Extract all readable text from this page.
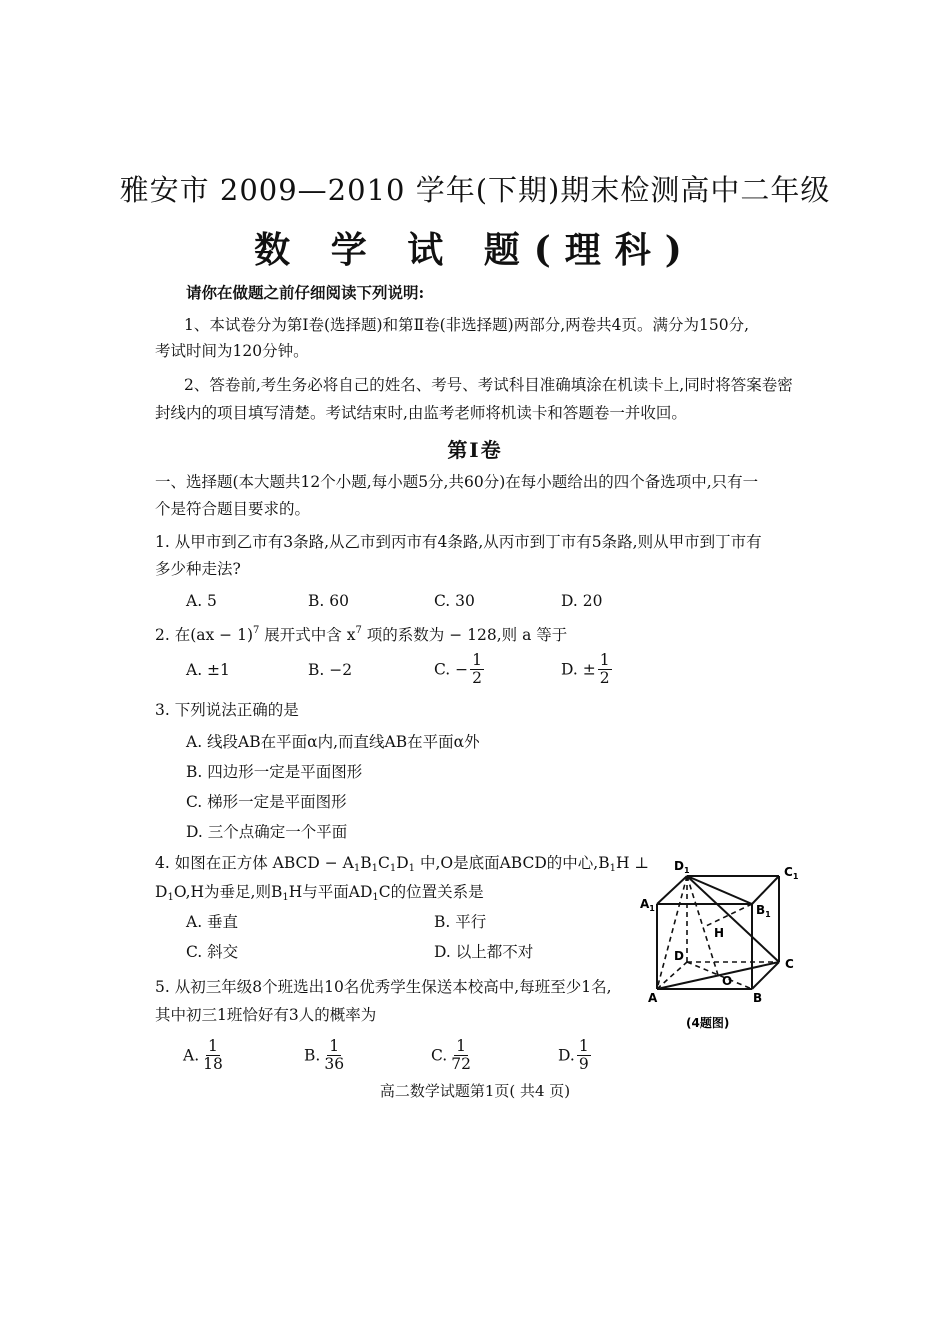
雅安市 2009—2010 学年(下期)期末检测高中二年级
数 学 试 题(理科)
请你在做题之前仔细阅读下列说明:
1、本试卷分为第Ⅰ卷(选择题)和第Ⅱ卷(非选择题)两部分,两卷共4页。满分为150分,
考试时间为120分钟。
2、答卷前,考生务必将自己的姓名、考号、考试科目准确填涂在机读卡上,同时将答案卷密
封线内的项目填写清楚。考试结束时,由监考老师将机读卡和答题卷一并收回。
第Ⅰ卷
一、选择题(本大题共12个小题,每小题5分,共60分)在每小题给出的四个备选项中,只有一
个是符合题目要求的。
1. 从甲市到乙市有3条路,从乙市到丙市有4条路,从丙市到丁市有5条路,则从甲市到丁市有
多少种走法?
A. 5	B. 60	C. 30	D. 20
2. 在(ax − 1)$^7$ 展开式中含 $x^7$ 项的系数为 − 128,则 a 等于
A. ±1	B. −2	C. − $\frac{1}{2}$	D. ± $\frac{1}{2}$
3. 下列说法正确的是
A. 线段AB在平面α内,而直线AB在平面α外
B. 四边形一定是平面图形
C. 梯形一定是平面图形
D. 三个点确定一个平面
4. 如图在正方体 ABCD − $A_1B_1C_1D_1$ 中,O是底面ABCD的中心$,B_1H$ ⊥
$D_1O,H$为垂足,则$B_1H$与平面$AD_1C$的位置关系是
A. 垂直	B. 平行
C. 斜交	D. 以上都不对
$D_1$	$C_1$
$A_1$	$B_1$
H
D
C
O
A	B
(4题图)
5. 从初三年级8个班选出10名优秀学生保送本校高中,每班至少1名,
其中初三1班恰好有3人的概率为
A. $\frac{1}{18}$	B. $\frac{1}{36}$	C. $\frac{1}{72}$	D. $\frac{1}{9}$
高二数学试题第1页( 共4 页)
